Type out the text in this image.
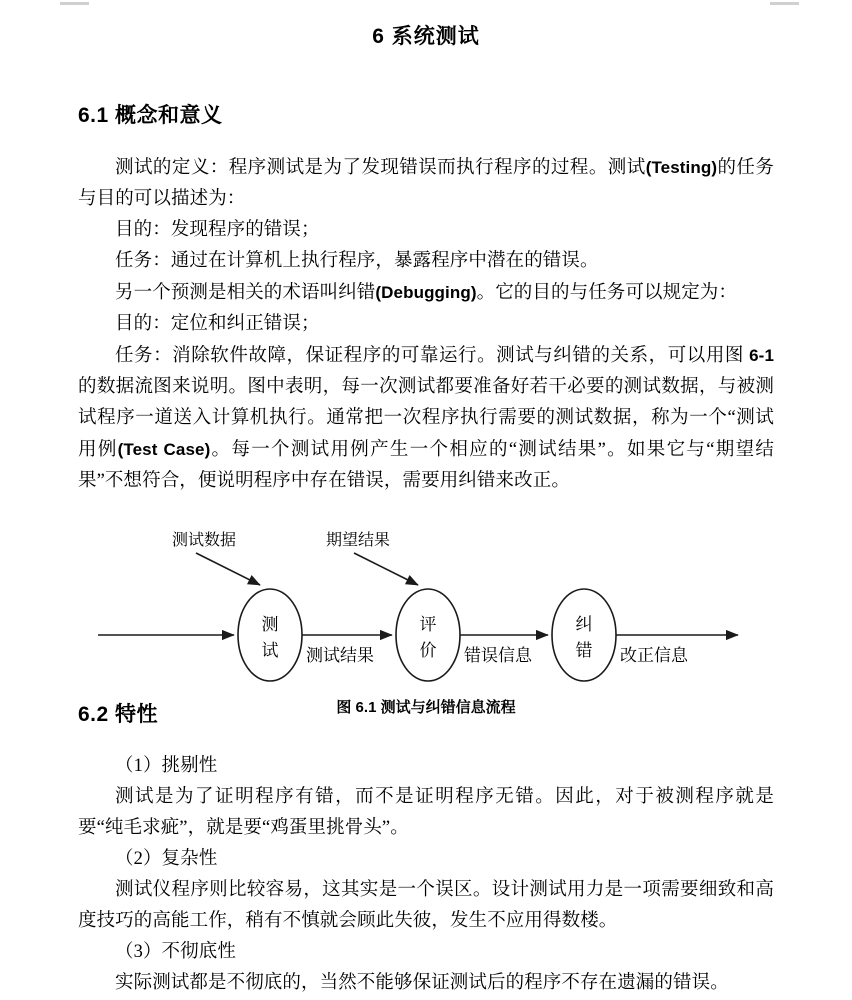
6 系统测试
6.1 概念和意义

测试的定义：程序测试是为了发现错误而执行程序的过程。测试(Testing)的任务与目的可以描述为：

目的：发现程序的错误；

任务：通过在计算机上执行程序，暴露程序中潜在的错误。

另一个预测是相关的术语叫纠错(Debugging)。它的目的与任务可以规定为：

目的：定位和纠正错误；

任务：消除软件故障，保证程序的可靠运行。测试与纠错的关系，可以用图 6-1 的数据流图来说明。图中表明，每一次测试都要准备好若干必要的测试数据，与被测试程序一道送入计算机执行。通常把一次程序执行需要的测试数据，称为一个“测试用例(Test Case)。每一个测试用例产生一个相应的“测试结果”。如果它与“期望结果”不想符合，便说明程序中存在错误，需要用纠错来改正。

测
试 测试结果
评
价 错误信息
纠
错 改正信息
测试数据	期望结果
图 6.1 测试与纠错信息流程
6.2 特性

（1）挑剔性

测试是为了证明程序有错，而不是证明程序无错。因此，对于被测程序就是要“纯毛求疵”，就是要“鸡蛋里挑骨头”。

（2）复杂性

测试仪程序则比较容易，这其实是一个误区。设计测试用力是一项需要细致和高度技巧的高能工作，稍有不慎就会顾此失彼，发生不应用得数楼。

（3）不彻底性

实际测试都是不彻底的，当然不能够保证测试后的程序不存在遗漏的错误。
